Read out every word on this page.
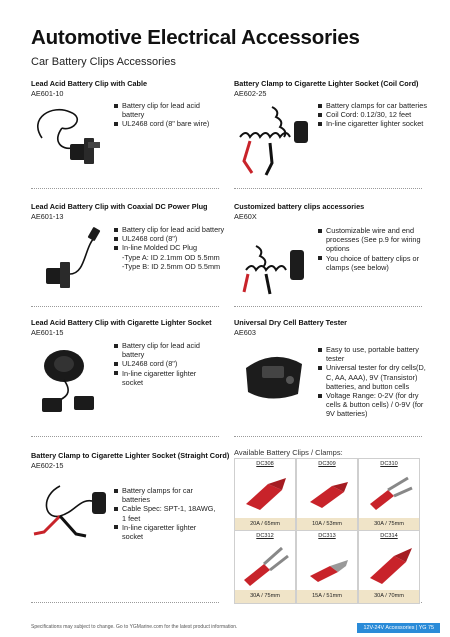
Automotive Electrical Accessories
Car Battery Clips Accessories
Lead Acid Battery Clip with Cable
AE601-10
Battery clip for lead acid battery
UL2468 cord (8" bare wire)
Battery Clamp to Cigarette Lighter Socket (Coil Cord)
AE602-25
Battery clamps for car batteries
Coil Cord: 0.12/30, 12 feet
In-line cigaretter lighter socket
Lead Acid Battery Clip with Coaxial DC Power Plug
AE601-13
Battery clip for lead acid battery
UL2468 cord (8")
In-line Molded DC Plug
-Type A: ID 2.1mm OD 5.5mm
-Type B: ID 2.5mm OD 5.5mm
Customized battery clips accessories
AE60X
Customizable wire and end processes (See p.9 for wiring options
You choice of battery clips or clamps (see below)
Lead Acid Battery Clip with Cigarette Lighter Socket
AE601-15
Battery clip for lead acid battery
UL2468 cord (8")
In-line cigaretter lighter socket
Universal Dry Cell Battery Tester
AE603
Easy to use, portable battery tester
Universal tester for dry cells(D, C, AA, AAA), 9V (Transistor) batteries, and button cells
Voltage Range: 0-2V (for dry cells & button cells) / 0-9V (for 9V batteries)
Battery Clamp to Cigarette Lighter Socket (Straight Cord)
AE602-15
Battery clamps for car batteries
Cable Spec: SPT-1, 18AWG, 1 feet
In-line cigaretter lighter socket
Available Battery Clips / Clamps:
DC308
20A / 65mm
DC309
10A / 53mm
DC310
30A / 75mm
DC312
30A / 75mm
DC313
15A / 51mm
DC314
30A / 70mm
Specifications may subject to change. Go to YGMarine.com for the latest product information.	12V-24V Accessories | YG 75
